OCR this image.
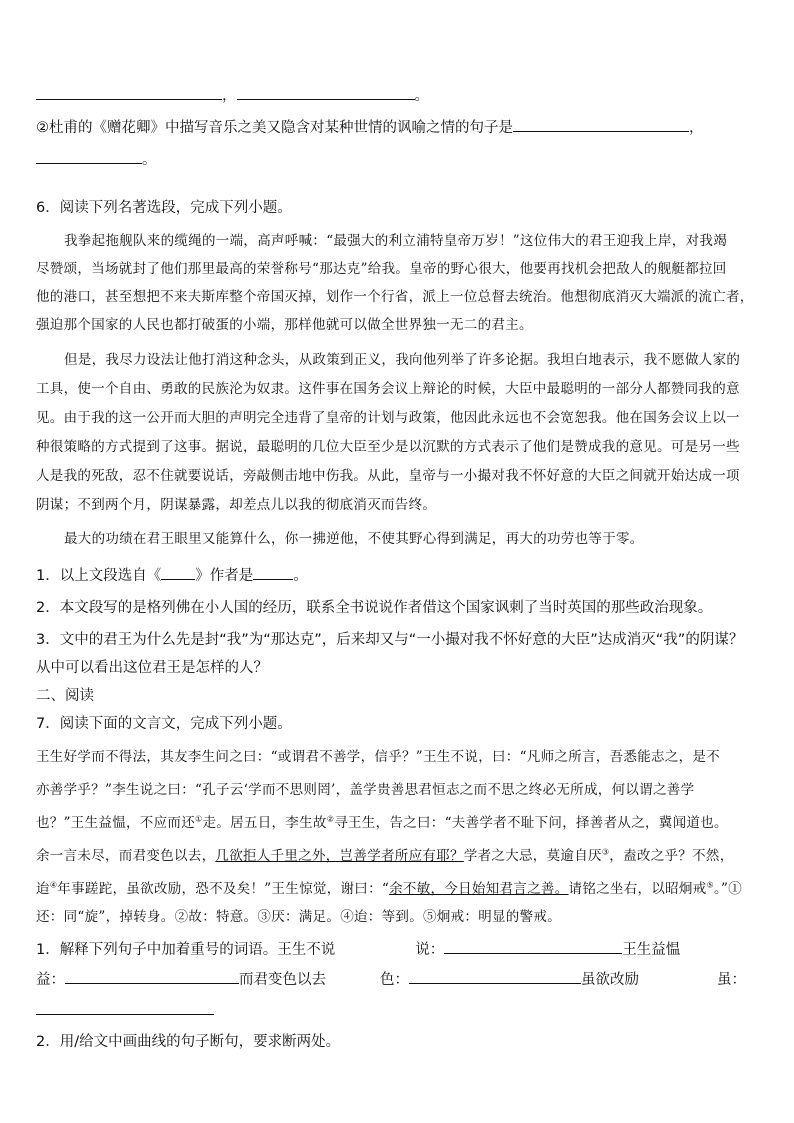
，	。
②杜甫的《赠花卿》中描写音乐之美又隐含对某种世情的讽喻之情的句子是	，
。
6．阅读下列名著选段，完成下列小题。
我拳起拖舰队来的缆绳的一端，高声呼喊：“最强大的利立浦特皇帝万岁！”这位伟大的君王迎我上岸，对我竭
尽赞颂，当场就封了他们那里最高的荣誉称号“那达克”给我。皇帝的野心很大，他要再找机会把敌人的舰艇都拉回
他的港口，甚至想把不来夫斯库整个帝国灭掉，划作一个行省，派上一位总督去统治。他想彻底消灭大端派的流亡者，
强迫那个国家的人民也都打破蛋的小端，那样他就可以做全世界独一无二的君主。
但是，我尽力设法让他打消这种念头，从政策到正义，我向他列举了许多论据。我坦白地表示，我不愿做人家的
工具，使一个自由、勇敢的民族沦为奴隶。这件事在国务会议上辩论的时候，大臣中最聪明的一部分人都赞同我的意
见。由于我的这一公开而大胆的声明完全违背了皇帝的计划与政策，他因此永远也不会宽恕我。他在国务会议上以一
种很策略的方式提到了这事。据说，最聪明的几位大臣至少是以沉默的方式表示了他们是赞成我的意见。可是另一些
人是我的死敌，忍不住就要说话，旁敲侧击地中伤我。从此，皇帝与一小撮对我不怀好意的大臣之间就开始达成一项
阴谋；不到两个月，阴谋暴露，却差点儿以我的彻底消灭而告终。
最大的功绩在君王眼里又能算什么，你一拂逆他，不使其野心得到满足，再大的功劳也等于零。
1．以上文段选自《 》作者是	。
2．本文段写的是格列佛在小人国的经历，联系全书说说作者借这个国家讽刺了当时英国的那些政治现象。
3．文中的君王为什么先是封“我”为“那达克”，后来却又与“一小撮对我不怀好意的大臣”达成消灭“我”的阴谋？
从中可以看出这位君王是怎样的人？
二、阅读
7．阅读下面的文言文，完成下列小题。
王生好学而不得法，其友李生问之曰：“或谓君不善学，信乎？”王生不说，曰：“凡师之所言，吾悉能志之，是不
亦善学乎？”李生说之曰：“孔子云‘学而不思则罔’，盖学贵善思君恒志之而不思之终必无所成，何以谓之善学
也？”王生益愠，不应而还①走。居五日，李生故②寻王生，告之曰：“夫善学者不耻下问，择善者从之，冀闻道也。
余一言未尽，而君变色以去，几欲拒人千里之外，岂善学者所应有耶？学者之大忌，莫逾自厌③，盍改之乎？不然，
迨④年事蹉跎，虽欲改励，恐不及矣！”王生惊觉，谢曰：“余不敏，今日始知君言之善。请铭之坐右，以昭炯戒⑤。”①
还：同“旋”，掉转身。②故：特意。③厌：满足。④迨：等到。⑤炯戒：明显的警戒。
1．解释下列句子中加着重号的词语。王生不说	说：	王生益愠
益：	而君变色以去	色：	虽欲改励	虽：
2．用/给文中画曲线的句子断句，要求断两处。
